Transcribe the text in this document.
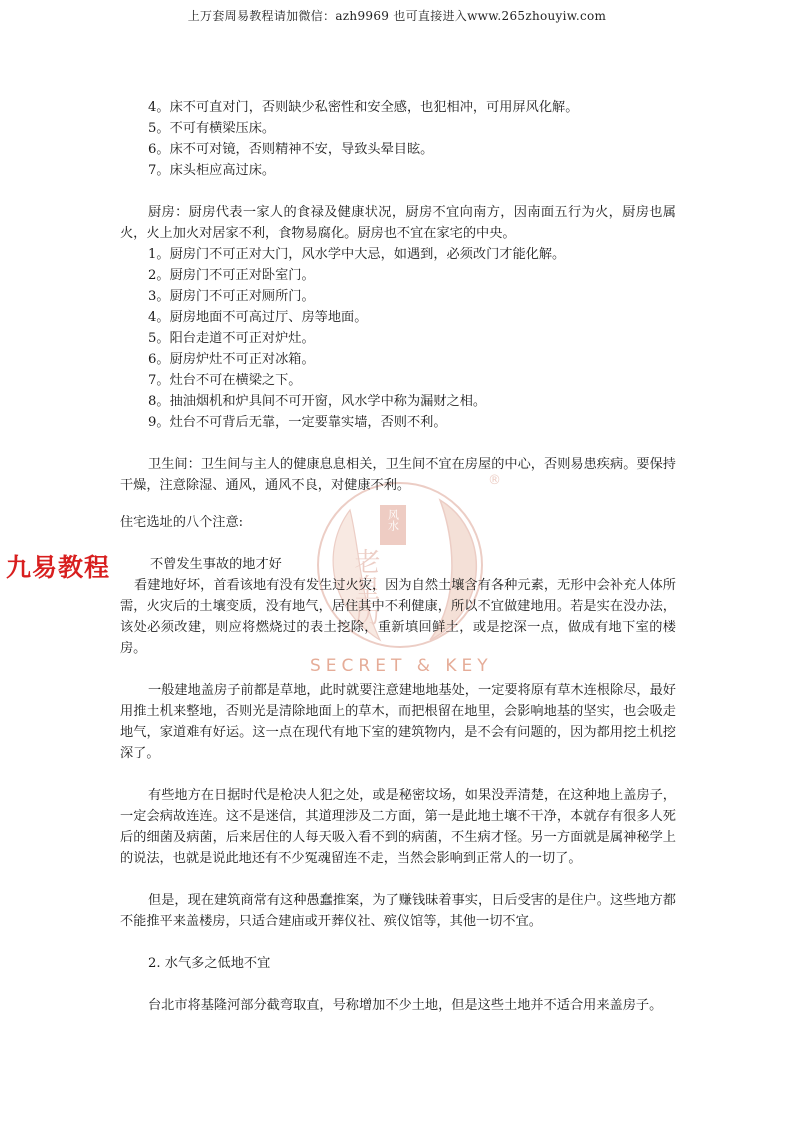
上万套周易教程请加微信：azh9969 也可直接进入www.265zhouyiw.com
老皇历
风水
®
九易教程
SECRET & KEY
4。床不可直对门，否则缺少私密性和安全感，也犯相冲，可用屏风化解。
5。不可有横梁压床。
6。床不可对镜，否则精神不安，导致头晕目眩。
7。床头柜应高过床。
厨房：厨房代表一家人的食禄及健康状况，厨房不宜向南方，因南面五行为火，厨房也属火，火上加火对居家不利，食物易腐化。厨房也不宜在家宅的中央。
1。厨房门不可正对大门，风水学中大忌，如遇到，必须改门才能化解。
2。厨房门不可正对卧室门。
3。厨房门不可正对厕所门。
4。厨房地面不可高过厅、房等地面。
5。阳台走道不可正对炉灶。
6。厨房炉灶不可正对冰箱。
7。灶台不可在横梁之下。
8。抽油烟机和炉具间不可开窗，风水学中称为漏财之相。
9。灶台不可背后无靠，一定要靠实墙，否则不利。
卫生间：卫生间与主人的健康息息相关，卫生间不宜在房屋的中心，否则易患疾病。要保持干燥，注意除湿、通风，通风不良，对健康不利。
住宅选址的八个注意:
不曾发生事故的地才好
看建地好坏，首看该地有没有发生过火灾，因为自然土壤含有各种元素，无形中会补充人体所需，火灾后的土壤变质，没有地气，居住其中不利健康，所以不宜做建地用。若是实在没办法，该处必须改建，则应将燃烧过的表土挖除，重新填回鲜土，或是挖深一点，做成有地下室的楼房。
一般建地盖房子前都是草地，此时就要注意建地地基处，一定要将原有草木连根除尽，最好用推土机来整地，否则光是清除地面上的草木，而把根留在地里，会影响地基的坚实，也会吸走地气，家道难有好运。这一点在现代有地下室的建筑物内，是不会有问题的，因为都用挖土机挖深了。
有些地方在日据时代是枪决人犯之处，或是秘密坟场，如果没弄清楚，在这种地上盖房子，一定会病故连连。这不是迷信，其道理涉及二方面，第一是此地土壤不干净，本就存有很多人死后的细菌及病菌，后来居住的人每天吸入看不到的病菌，不生病才怪。另一方面就是属神秘学上的说法，也就是说此地还有不少冤魂留连不走，当然会影响到正常人的一切了。
但是，现在建筑商常有这种愚蠢推案，为了赚钱昧着事实，日后受害的是住户。这些地方都不能推平来盖楼房，只适合建庙或开葬仪社、殡仪馆等，其他一切不宜。
2. 水气多之低地不宜
台北市将基隆河部分截弯取直，号称增加不少土地，但是这些土地并不适合用来盖房子。
